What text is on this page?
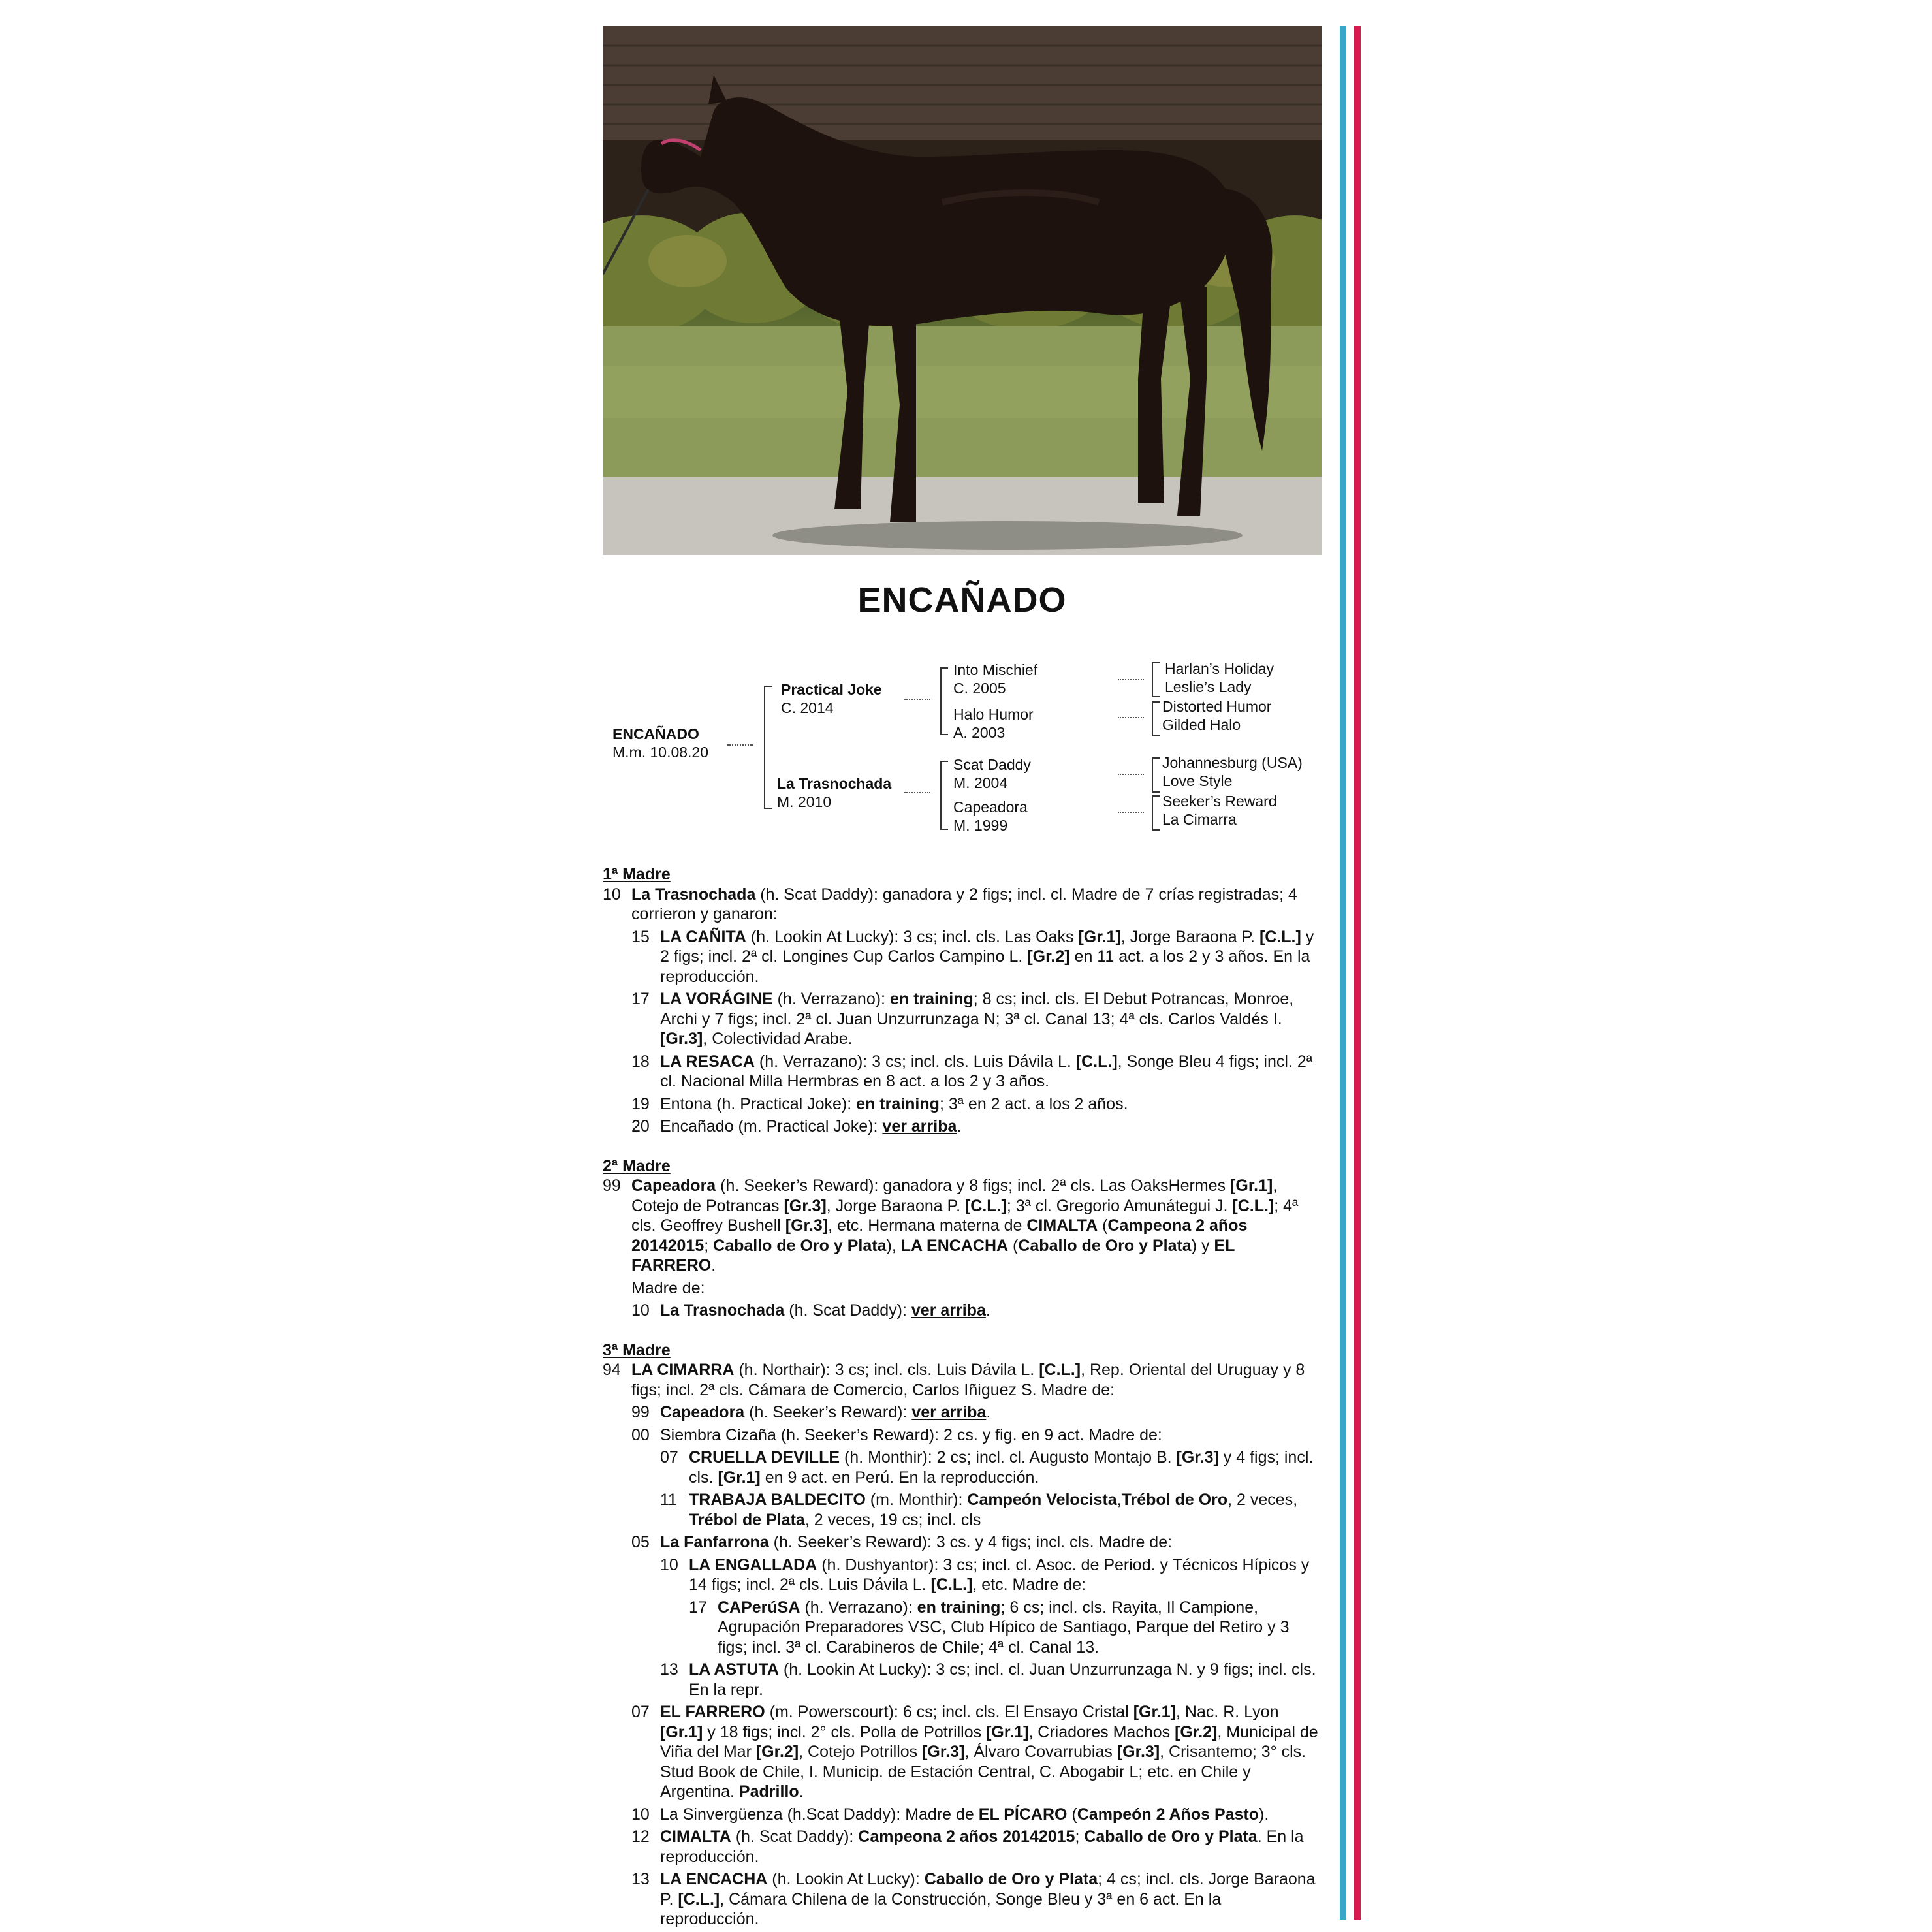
ENCAÑADO
ENCAÑADO
M.m. 10.08.20
Practical Joke
C. 2014
La Trasnochada
M. 2010
Into Mischief
C. 2005
Halo Humor
A. 2003
Scat Daddy
M. 2004
Capeadora
M. 1999
Harlan’s Holiday
Leslie’s Lady
Distorted Humor
Gilded Halo
Johannesburg (USA)
Love Style
Seeker’s Reward
La Cimarra
1ª Madre
10 La Trasnochada (h. Scat Daddy): ganadora y 2 figs; incl. cl. Madre de 7 crías registradas; 4 corrieron y ganaron:
15 LA CAÑITA (h. Lookin At Lucky): 3 cs; incl. cls. Las Oaks [Gr.1], Jorge Baraona P. [C.L.] y 2 figs; incl. 2ª cl. Longines Cup Carlos Campino L. [Gr.2] en 11 act. a los 2 y 3 años. En la reproducción.
17 LA VORÁGINE (h. Verrazano): en training; 8 cs; incl. cls. El Debut Potrancas, Monroe, Archi y 7 figs; incl. 2ª cl. Juan Unzurrunzaga N; 3ª cl. Canal 13; 4ª cls. Carlos Valdés I. [Gr.3], Colectividad Arabe.
18 LA RESACA (h. Verrazano): 3 cs; incl. cls. Luis Dávila L. [C.L.], Songe Bleu 4 figs; incl. 2ª cl. Nacional Milla Hermbras en 8 act. a los 2 y 3 años.
19 Entona (h. Practical Joke): en training; 3ª en 2 act. a los 2 años.
20 Encañado (m. Practical Joke): ver arriba.
2ª Madre
99 Capeadora (h. Seeker’s Reward): ganadora y 8 figs; incl. 2ª cls. Las OaksHermes [Gr.1], Cotejo de Potrancas [Gr.3], Jorge Baraona P. [C.L.]; 3ª cl. Gregorio Amunátegui J. [C.L.]; 4ª cls. Geoffrey Bushell [Gr.3], etc. Hermana materna de CIMALTA (Campeona 2 años 20142015; Caballo de Oro y Plata), LA ENCACHA (Caballo de Oro y Plata) y EL FARRERO.
Madre de:
10 La Trasnochada (h. Scat Daddy): ver arriba.
3ª Madre
94 LA CIMARRA (h. Northair): 3 cs; incl. cls. Luis Dávila L. [C.L.], Rep. Oriental del Uruguay y 8 figs; incl. 2ª cls. Cámara de Comercio, Carlos Iñiguez S. Madre de:
99 Capeadora (h. Seeker’s Reward): ver arriba.
00 Siembra Cizaña (h. Seeker’s Reward): 2 cs. y fig. en 9 act. Madre de:
07 CRUELLA DEVILLE (h. Monthir): 2 cs; incl. cl. Augusto Montajo B. [Gr.3] y 4 figs; incl. cls. [Gr.1] en 9 act. en Perú. En la reproducción.
11 TRABAJA BALDECITO (m. Monthir): Campeón Velocista,Trébol de Oro, 2 veces, Trébol de Plata, 2 veces, 19 cs; incl. cls
05 La Fanfarrona (h. Seeker’s Reward): 3 cs. y 4 figs; incl. cls. Madre de:
10 LA ENGALLADA (h. Dushyantor): 3 cs; incl. cl. Asoc. de Period. y Técnicos Hípicos y 14 figs; incl. 2ª cls. Luis Dávila L. [C.L.], etc. Madre de:
17 CAPerúSA (h. Verrazano): en training; 6 cs; incl. cls. Rayita, Il Campione, Agrupación Preparadores VSC, Club Hípico de Santiago, Parque del Retiro y 3 figs; incl. 3ª cl. Carabineros de Chile; 4ª cl. Canal 13.
13 LA ASTUTA (h. Lookin At Lucky): 3 cs; incl. cl. Juan Unzurrunzaga N. y 9 figs; incl. cls. En la repr.
07 EL FARRERO (m. Powerscourt): 6 cs; incl. cls. El Ensayo Cristal [Gr.1], Nac. R. Lyon [Gr.1] y 18 figs; incl. 2° cls. Polla de Potrillos [Gr.1], Criadores Machos [Gr.2], Municipal de Viña del Mar [Gr.2], Cotejo Potrillos [Gr.3], Álvaro Covarrubias [Gr.3], Crisantemo; 3° cls. Stud Book de Chile, I. Municip. de Estación Central, C. Abogabir L; etc. en Chile y Argentina. Padrillo.
10 La Sinvergüenza (h.Scat Daddy): Madre de EL PÍCARO (Campeón 2 Años Pasto).
12 CIMALTA (h. Scat Daddy): Campeona 2 años 20142015; Caballo de Oro y Plata. En la reproducción.
13 LA ENCACHA (h. Lookin At Lucky): Caballo de Oro y Plata; 4 cs; incl. cls. Jorge Baraona P. [C.L.], Cámara Chilena de la Construcción, Songe Bleu y 3ª en 6 act. En la reproducción.
